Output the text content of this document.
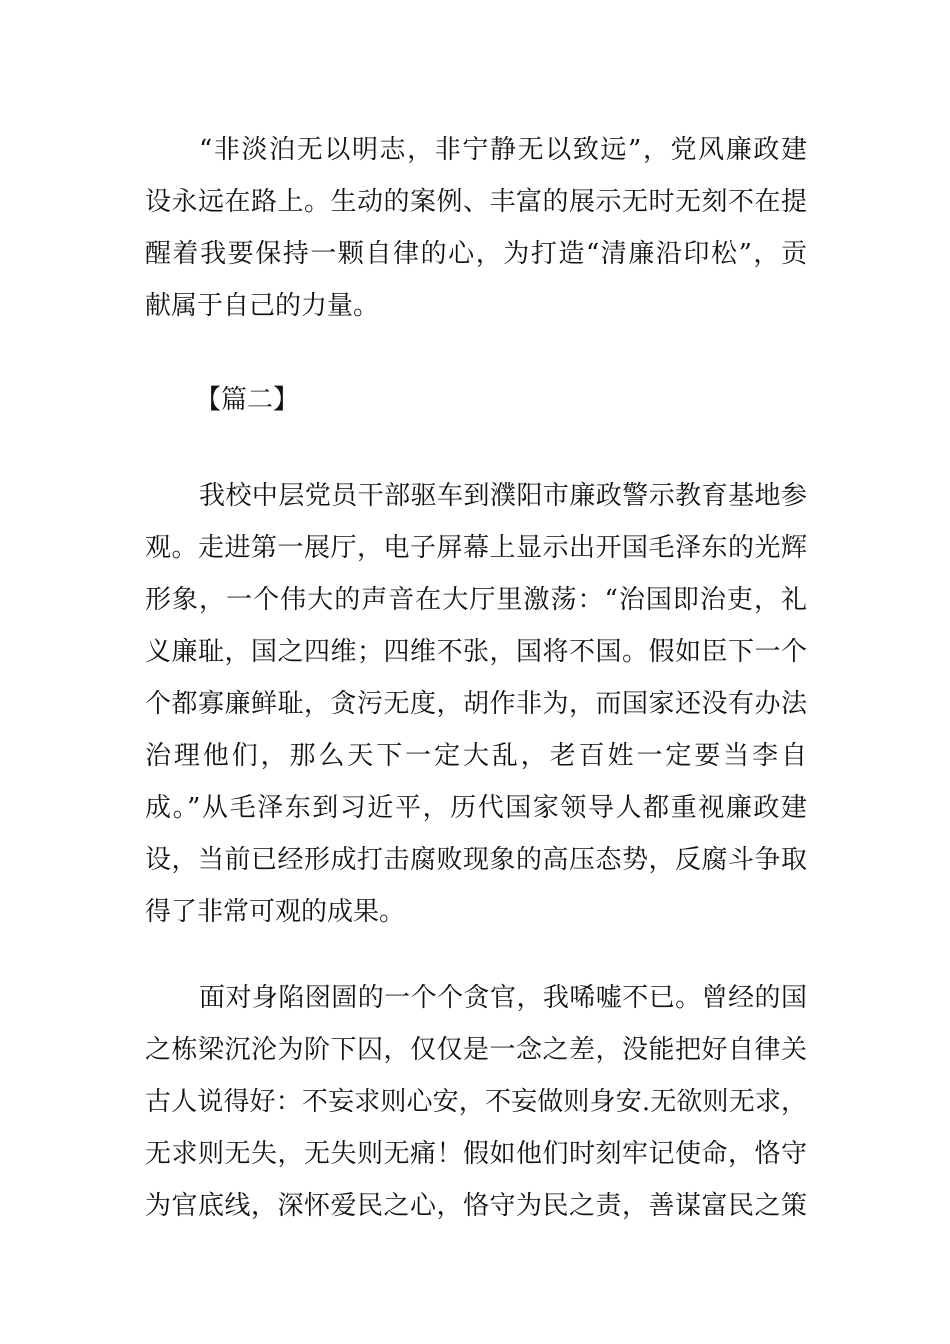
“非淡泊无以明志，非宁静无以致远”，党风廉政建
设永远在路上。生动的案例、丰富的展示无时无刻不在提
醒着我要保持一颗自律的心，为打造“清廉沿印松”，贡
献属于自己的力量。
【篇二】
我校中层党员干部驱车到濮阳市廉政警示教育基地参
观。走进第一展厅，电子屏幕上显示出开国毛泽东的光辉
形象，一个伟大的声音在大厅里激荡：“治国即治吏，礼
义廉耻，国之四维；四维不张，国将不国。假如臣下一个
个都寡廉鲜耻，贪污无度，胡作非为，而国家还没有办法
治理他们，那么天下一定大乱，老百姓一定要当李自
成。”从毛泽东到习近平，历代国家领导人都重视廉政建
设，当前已经形成打击腐败现象的高压态势，反腐斗争取
得了非常可观的成果。
面对身陷囹圄的一个个贪官，我唏嘘不已。曾经的国
之栋梁沉沦为阶下囚，仅仅是一念之差，没能把好自律关
古人说得好：不妄求则心安，不妄做则身安.无欲则无求，
无求则无失，无失则无痛！假如他们时刻牢记使命，恪守
为官底线，深怀爱民之心，恪守为民之责，善谋富民之策
